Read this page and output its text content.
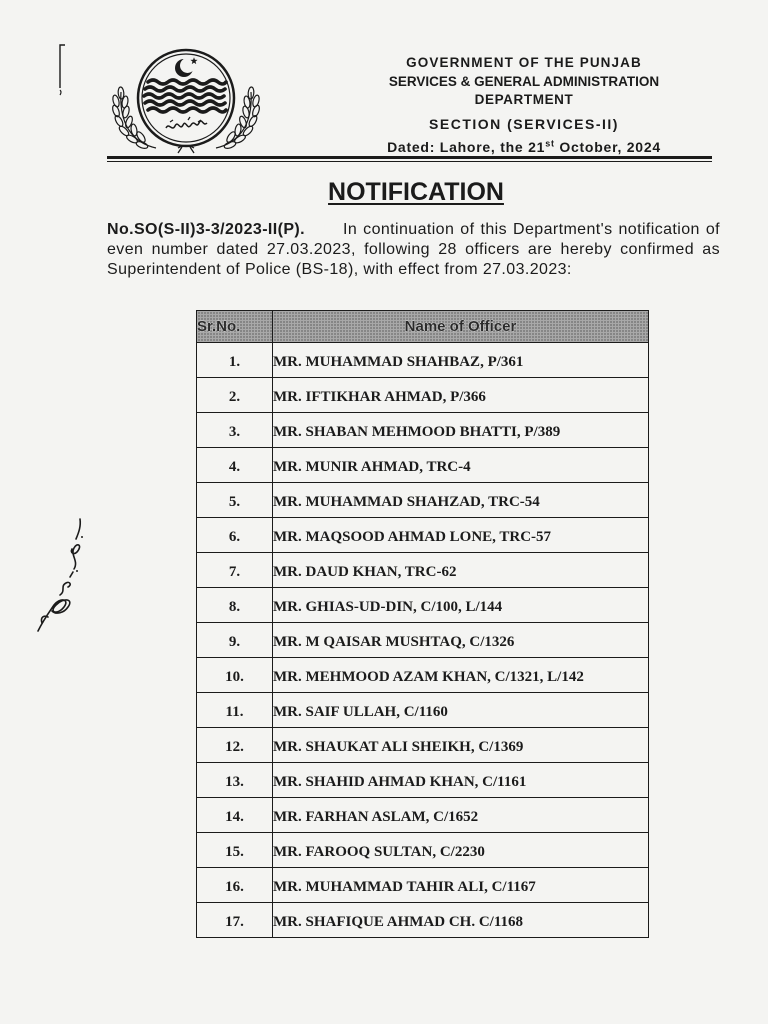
GOVERNMENT OF THE PUNJAB
SERVICES & GENERAL ADMINISTRATION
DEPARTMENT
SECTION (SERVICES-II)
Dated: Lahore, the 21st October, 2024
NOTIFICATION
No.SO(S-II)3-3/2023-II(P). In continuation of this Department's notification of
even number dated 27.03.2023, following 28 officers are hereby confirmed as
Superintendent of Police (BS-18), with effect from 27.03.2023:
Sr.No.	Name of Officer
1.	MR. MUHAMMAD SHAHBAZ, P/361
2.	MR. IFTIKHAR AHMAD, P/366
3.	MR. SHABAN MEHMOOD BHATTI, P/389
4.	MR. MUNIR AHMAD, TRC-4
5.	MR. MUHAMMAD SHAHZAD, TRC-54
6.	MR. MAQSOOD AHMAD LONE, TRC-57
7.	MR. DAUD KHAN, TRC-62
8.	MR. GHIAS-UD-DIN, C/100, L/144
9.	MR. M QAISAR MUSHTAQ, C/1326
10.	MR. MEHMOOD AZAM KHAN, C/1321, L/142
11.	MR. SAIF ULLAH, C/1160
12.	MR. SHAUKAT ALI SHEIKH, C/1369
13.	MR. SHAHID AHMAD KHAN, C/1161
14.	MR. FARHAN ASLAM, C/1652
15.	MR. FAROOQ SULTAN, C/2230
16.	MR. MUHAMMAD TAHIR ALI, C/1167
17.	MR. SHAFIQUE AHMAD CH. C/1168
